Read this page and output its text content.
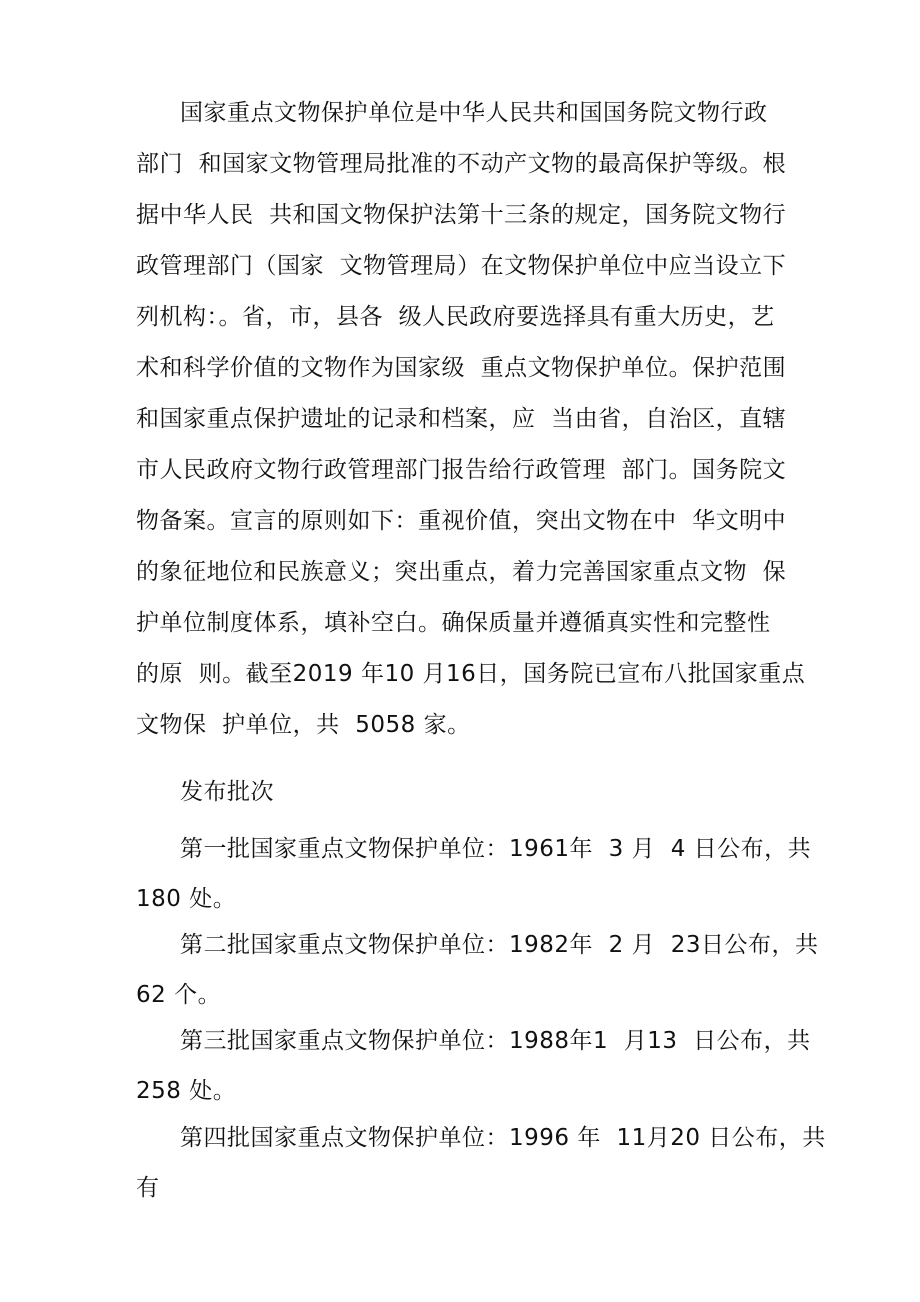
国家重点文物保护单位是中华人民共和国国务院文物行政
部门  和国家文物管理局批准的不动产文物的最高保护等级。根
据中华人民  共和国文物保护法第十三条的规定，国务院文物行
政管理部门（国家  文物管理局）在文物保护单位中应当设立下
列机构：。省，市，县各  级人民政府要选择具有重大历史，艺
术和科学价值的文物作为国家级  重点文物保护单位。保护范围
和国家重点保护遗址的记录和档案，应  当由省，自治区，直辖
市人民政府文物行政管理部门报告给行政管理  部门。国务院文
物备案。宣言的原则如下：重视价值，突出文物在中  华文明中
的象征地位和民族意义；突出重点，着力完善国家重点文物  保
护单位制度体系，填补空白。确保质量并遵循真实性和完整性
的原  则。截至2019 年10 月16日，国务院已宣布八批国家重点
文物保  护单位，共  5058 家。
发布批次
第一批国家重点文物保护单位：1961年  3 月  4 日公布，共
180 处。
第二批国家重点文物保护单位：1982年  2 月  23日公布，共
62 个。
第三批国家重点文物保护单位：1988年1  月13  日公布，共
258 处。
第四批国家重点文物保护单位：1996 年  11月20 日公布，共
有
